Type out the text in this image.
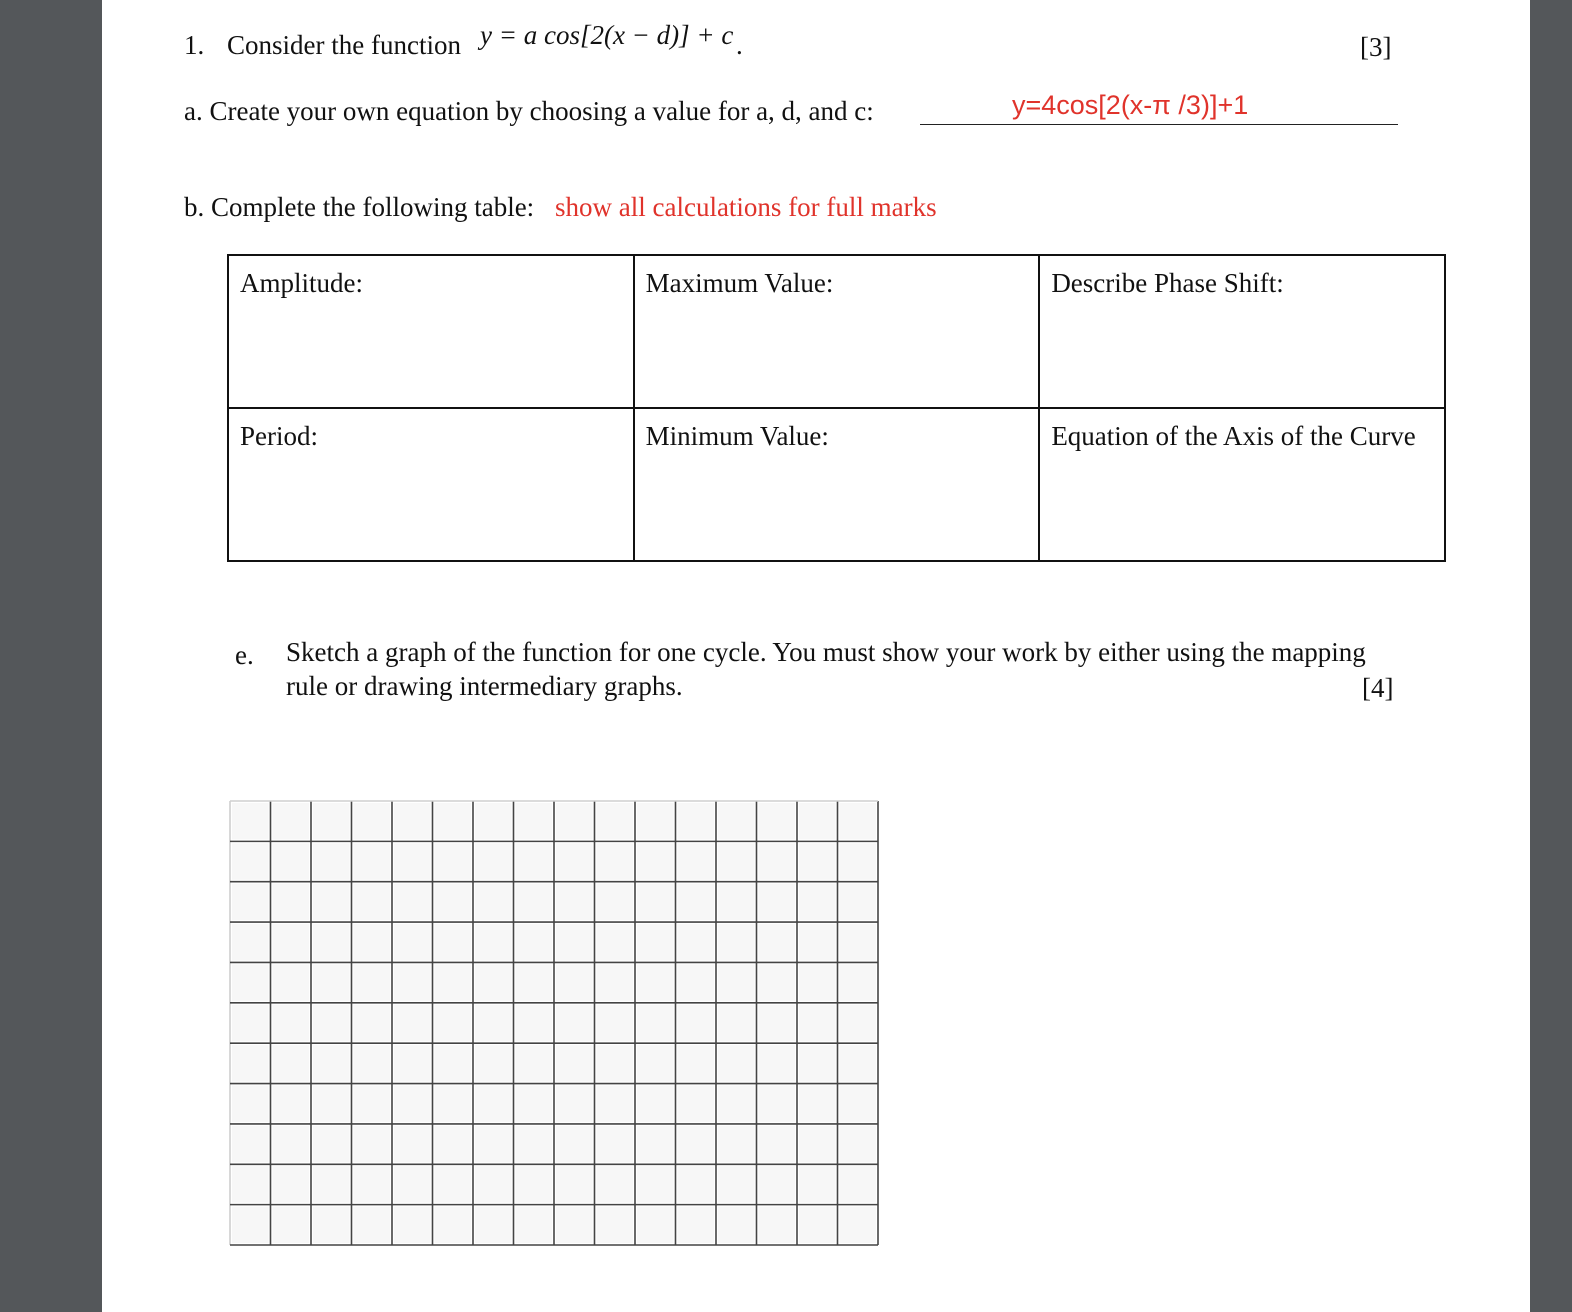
1. Consider the function y = a cos[2(x − d)] + c .	[3]
a. Create your own equation by choosing a value for a, d, and c:	y=4cos[2(x-π /3)]+1
b. Complete the following table: show all calculations for full marks
Amplitude:	Maximum Value:	Describe Phase Shift:
Period:	Minimum Value:	Equation of the Axis of the Curve
e. Sketch a graph of the function for one cycle. You must show your work by either using the mapping
rule or drawing intermediary graphs.	[4]
